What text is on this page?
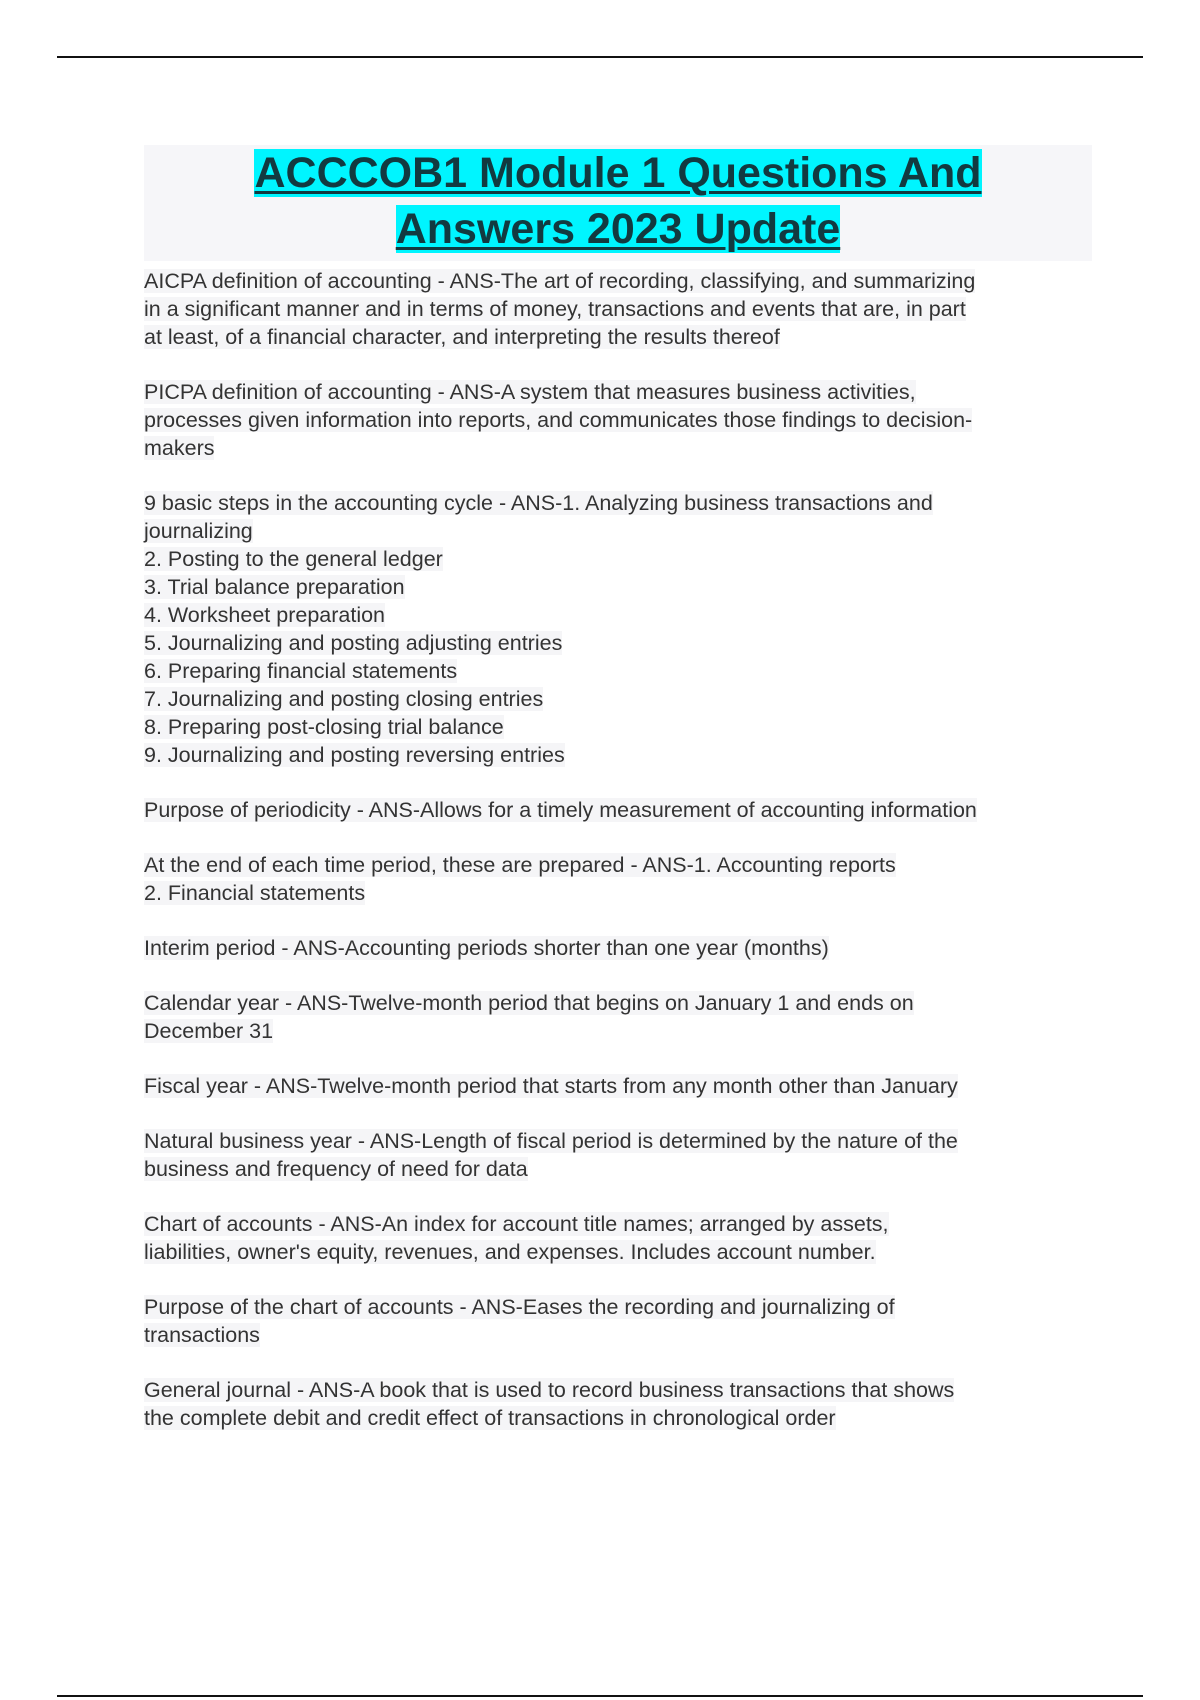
ACCCOB1 Module 1 Questions And
Answers 2023 Update
AICPA definition of accounting - ANS-The art of recording, classifying, and summarizing
in a significant manner and in terms of money, transactions and events that are, in part
at least, of a financial character, and interpreting the results thereof
PICPA definition of accounting - ANS-A system that measures business activities,
processes given information into reports, and communicates those findings to decision-
makers
9 basic steps in the accounting cycle - ANS-1. Analyzing business transactions and
journalizing
2. Posting to the general ledger
3. Trial balance preparation
4. Worksheet preparation
5. Journalizing and posting adjusting entries
6. Preparing financial statements
7. Journalizing and posting closing entries
8. Preparing post-closing trial balance
9. Journalizing and posting reversing entries
Purpose of periodicity - ANS-Allows for a timely measurement of accounting information
At the end of each time period, these are prepared - ANS-1. Accounting reports
2. Financial statements
Interim period - ANS-Accounting periods shorter than one year (months)
Calendar year - ANS-Twelve-month period that begins on January 1 and ends on
December 31
Fiscal year - ANS-Twelve-month period that starts from any month other than January
Natural business year - ANS-Length of fiscal period is determined by the nature of the
business and frequency of need for data
Chart of accounts - ANS-An index for account title names; arranged by assets,
liabilities, owner's equity, revenues, and expenses. Includes account number.
Purpose of the chart of accounts - ANS-Eases the recording and journalizing of
transactions
General journal - ANS-A book that is used to record business transactions that shows
the complete debit and credit effect of transactions in chronological order
